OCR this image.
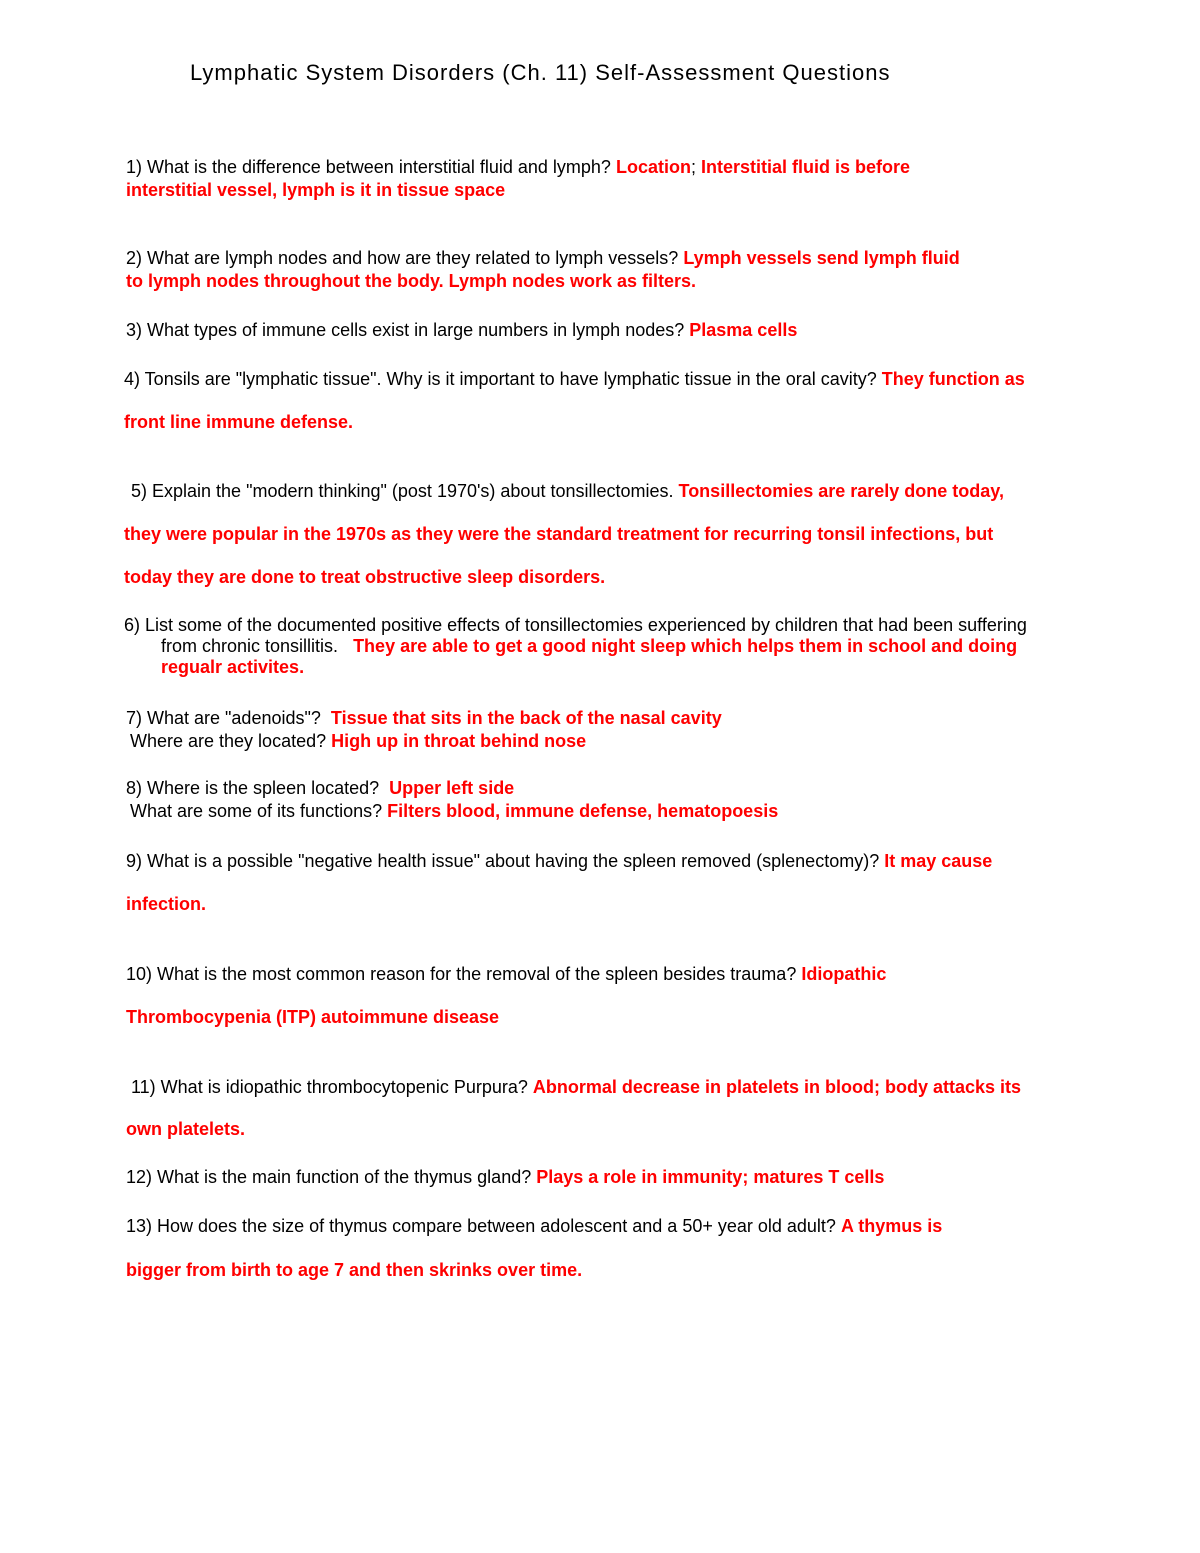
Lymphatic System Disorders (Ch. 11) Self-Assessment Questions
1) What is the difference between interstitial fluid and lymph? Location; Interstitial fluid is before
interstitial vessel, lymph is it in tissue space
2) What are lymph nodes and how are they related to lymph vessels? Lymph vessels send lymph fluid
to lymph nodes throughout the body. Lymph nodes work as filters.
3) What types of immune cells exist in large numbers in lymph nodes? Plasma cells
4) Tonsils are "lymphatic tissue". Why is it important to have lymphatic tissue in the oral cavity? They function as
front line immune defense.
5) Explain the "modern thinking" (post 1970's) about tonsillectomies. Tonsillectomies are rarely done today,
they were popular in the 1970s as they were the standard treatment for recurring tonsil infections, but
today they are done to treat obstructive sleep disorders.
6) List some of the documented positive effects of tonsillectomies experienced by children that had been suffering
from chronic tonsillitis. They are able to get a good night sleep which helps them in school and doing
regualr activites.
7) What are "adenoids"? Tissue that sits in the back of the nasal cavity
Where are they located? High up in throat behind nose
8) Where is the spleen located? Upper left side
What are some of its functions? Filters blood, immune defense, hematopoesis
9) What is a possible "negative health issue" about having the spleen removed (splenectomy)? It may cause
infection.
10) What is the most common reason for the removal of the spleen besides trauma? Idiopathic
Thrombocypenia (ITP) autoimmune disease
11) What is idiopathic thrombocytopenic Purpura? Abnormal decrease in platelets in blood; body attacks its
own platelets.
12) What is the main function of the thymus gland? Plays a role in immunity; matures T cells
13) How does the size of thymus compare between adolescent and a 50+ year old adult? A thymus is
bigger from birth to age 7 and then skrinks over time.
